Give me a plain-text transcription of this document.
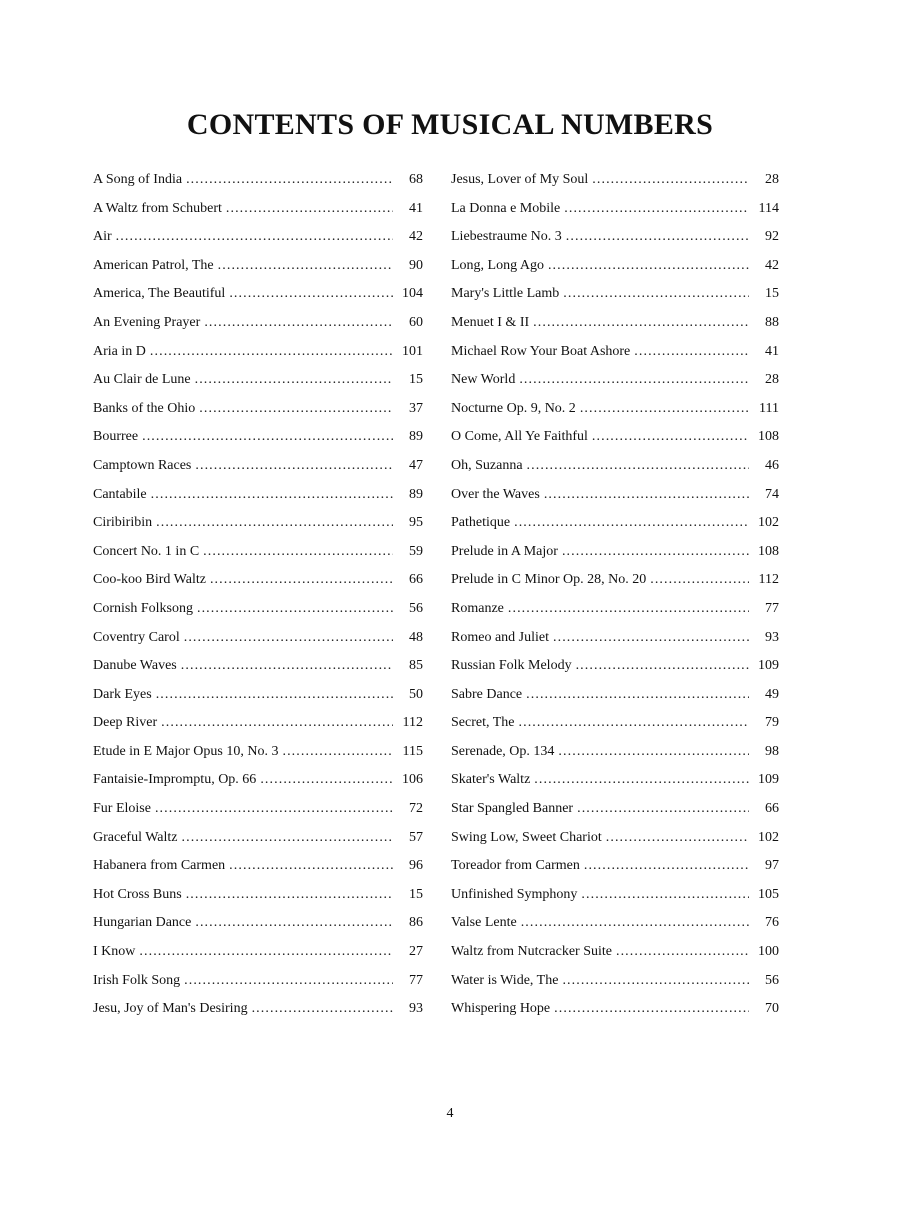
CONTENTS OF MUSICAL NUMBERS
A Song of India . . .	68
A Waltz from Schubert . . .	41
Air . . .	42
American Patrol, The . . .	90
America, The Beautiful . . .	104
An Evening Prayer . . .	60
Aria in D . . .	101
Au Clair de Lune . . .	15
Banks of the Ohio . . .	37
Bourree . . .	89
Camptown Races . . .	47
Cantabile . . .	89
Ciribiribin . . .	95
Concert No. 1 in C . . .	59
Coo-koo Bird Waltz . . .	66
Cornish Folksong . . .	56
Coventry Carol . . .	48
Danube Waves . . .	85
Dark Eyes . . .	50
Deep River . . .	112
Etude in E Major Opus 10, No. 3 . . .	115
Fantaisie-Impromptu, Op. 66 . . .	106
Fur Eloise . . .	72
Graceful Waltz . . .	57
Habanera from Carmen . . .	96
Hot Cross Buns . . .	15
Hungarian Dance . . .	86
I Know . . .	27
Irish Folk Song . . .	77
Jesu, Joy of Man's Desiring . . .	93
Jesus, Lover of My Soul . . .	28
La Donna e Mobile . . .	114
Liebestraume No. 3 . . .	92
Long, Long Ago . . .	42
Mary's Little Lamb . . .	15
Menuet I & II . . .	88
Michael Row Your Boat Ashore . . .	41
New World . . .	28
Nocturne Op. 9, No. 2 . . .	111
O Come, All Ye Faithful . . .	108
Oh, Suzanna . . .	46
Over the Waves . . .	74
Pathetique . . .	102
Prelude in A Major . . .	108
Prelude in C Minor Op. 28, No. 20 . . .	112
Romanze . . .	77
Romeo and Juliet . . .	93
Russian Folk Melody . . .	109
Sabre Dance . . .	49
Secret, The . . .	79
Serenade, Op. 134 . . .	98
Skater's Waltz . . .	109
Star Spangled Banner . . .	66
Swing Low, Sweet Chariot . . .	102
Toreador from Carmen . . .	97
Unfinished Symphony . . .	105
Valse Lente . . .	76
Waltz from Nutcracker Suite . . .	100
Water is Wide, The . . .	56
Whispering Hope . . .	70

4
